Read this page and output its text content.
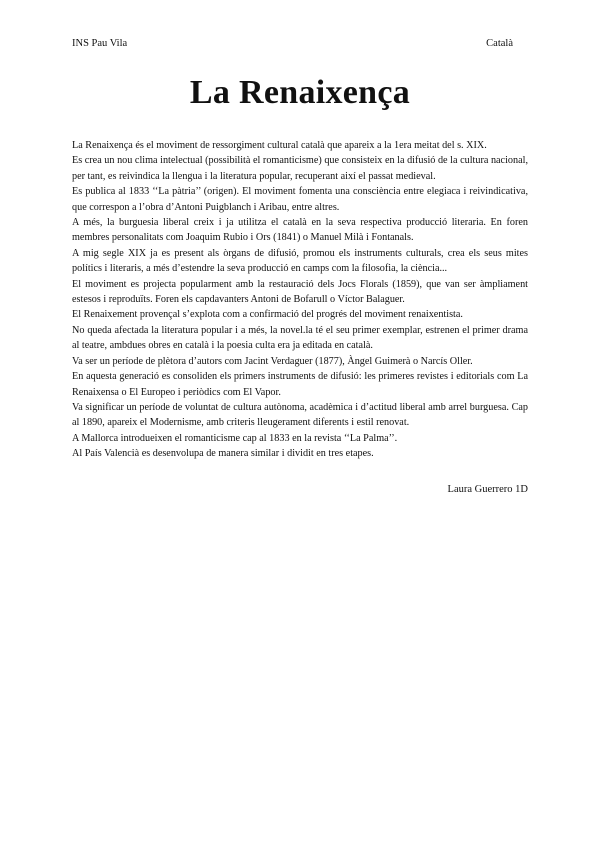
INS Pau Vila	Català
La Renaixença

La Renaixença és el moviment de ressorgiment cultural català que apareix a la 1era meitat del s. XIX.

Es crea un nou clima intelectual (possibilità el romanticisme) que consisteix en la difusió de la cultura nacional, per tant, es reivindica la llengua i la literatura popular, recuperant així el passat medieval.

Es publica al 1833 ‘‘La pàtria’’ (origen). El moviment fomenta una consciència entre elegiaca i reivindicativa, que correspon a l’obra d’Antoni Puigblanch i Aribau, entre altres.

A més, la burguesia liberal creix i ja utilitza el català en la seva respectiva producció literaria. En foren membres personalitats com Joaquim Rubio i Ors (1841) o Manuel Milà i Fontanals.

A mig segle XIX ja es present als òrgans de difusió, promou els instruments culturals, crea els seus mites polítics i literaris, a més d’estendre la seva producció en camps com la filosofia, la ciència...

El moviment es projecta popularment amb la restauració dels Jocs Florals (1859), que van ser àmpliament estesos i reproduïts. Foren els capdavanters Antoni de Bofarull o Víctor Balaguer.

El Renaixement provençal s’explota com a confirmació del progrés del moviment renaixentista.

No queda afectada la literatura popular i a més, la novel.la té el seu primer exemplar, estrenen el primer drama al teatre, ambdues obres en català i la poesia culta era ja editada en català.

Va ser un període de plètora d’autors com Jacint Verdaguer (1877), Àngel Guimerà o Narcís Oller.

En aquesta generació es consoliden els primers instruments de difusió: les primeres revistes i editorials com La Renaixensa o El Europeo i periòdics com El Vapor.

Va significar un període de voluntat de cultura autònoma, acadèmica i d’actitud liberal amb arrel burguesa. Cap al 1890, apareix el Modernisme, amb criteris lleugerament diferents i estil renovat.

A Mallorca introdueixen el romanticisme cap al 1833 en la revista ‘‘La Palma’’.

Al País Valencià es desenvolupa de manera similar i dividit en tres etapes.

Laura Guerrero 1D
